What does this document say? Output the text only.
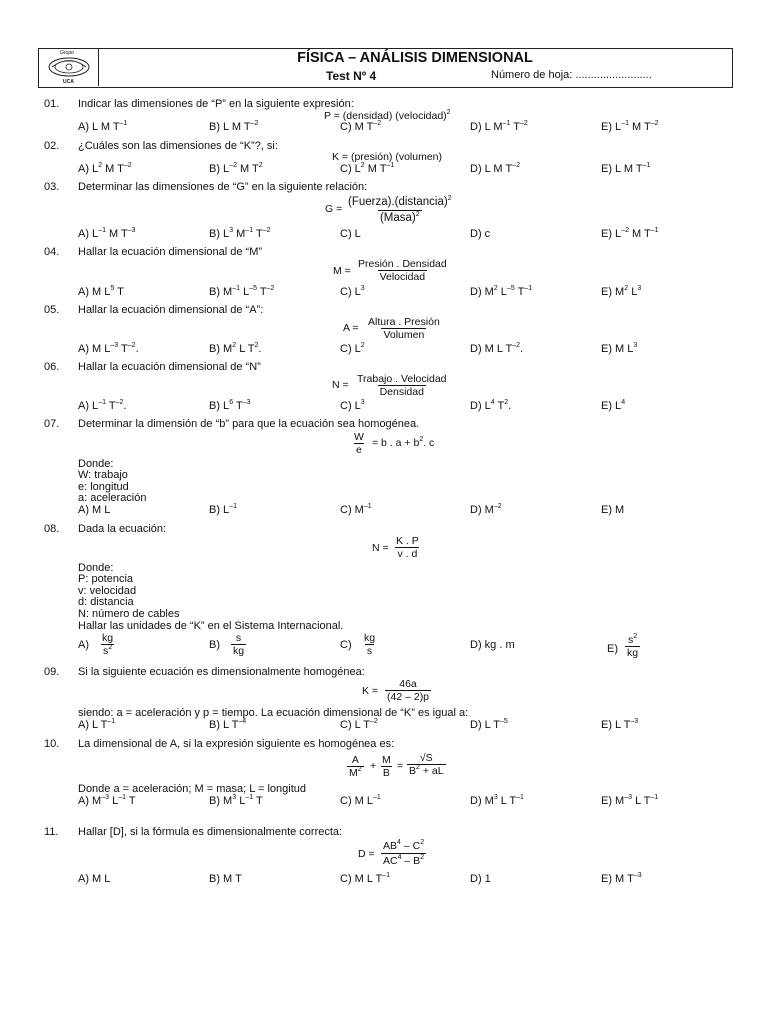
Grupo
UCA
FÍSICA – ANÁLISIS DIMENSIONAL
Test Nº 4	Número de hoja: .........................
01. Indicar las dimensiones de “P” en la siguiente expresión:
P = (densidad) (velocidad)$^2$
A) L M $T^{-1}$	B) L M $T^{-2}$	C) M $T^{-2}$	D) L $M^{-1}$ $T^{-2}$	E) $L^{-1}$ M $T^{-2}$
02. ¿Cuáles son las dimensiones de “K”?, si:
K = (presión) (volumen)
A) $L^2$ M $T^{-2}$	B) $L^{-2}$ M $T^2$	C) $L^2$ M $T^{-1}$	D) L M $T^{-2}$	E) L M $T^{-1}$
03. Determinar las dimensiones de “G” en la siguiente relación:
G =
(Fuerza).(distancia)$^2$
(Masa)$^2$
A) $L^{-1}$ M $T^{-3}$	B) $L^3$ $M^{-1}$ $T^{-2}$	C) L	D) c	E) $L^{-2}$ M $T^{-1}$
04. Hallar la ecuación dimensional de “M”
M =
Presión . Densidad
Velocidad
A) M $L^5$ T	B) $M^{-1}$ $L^{-5}$ $T^{-2}$	C) $L^3$	D) $M^2$ $L^{-5}$ $T^{-1}$	E) $M^2$ $L^3$
05. Hallar la ecuación dimensional de “A”:
A = Altura . Presión
Volumen
A) M $L^{-3}$ $T^{-2}$.	B) $M^2$ L $T^2$.	C) $L^2$	D) M L $T^{-2}$.	E) M $L^3$
06. Hallar la ecuación dimensional de “N”
N = Trabajo . Velocidad
Densidad
A) $L^{-1}$ $T^{-2}$.	B) $L^6$ $T^{-3}$	C) $L^3$	D) $L^4$ $T^2$.	E) $L^4$
07. Determinar la dimensión de “b” para que la ecuación sea homogénea.
$\frac{W}{e} = b$ . $a + b^2$. c
Donde:
W: trabajo
e: longitud
a: aceleración
A) M L	B) $L^{-1}$	C) $M^{-1}$	D) $M^{-2}$	E) M
08. Dada la ecuación:
$N = \frac{K . P}{v . d}$
Donde:
P: potencia
v: velocidad
d: distancia
N: número de cables
Hallar las unidades de “K” en el Sistema Internacional.
$A) \frac{kg}{s^2}$	$B) \frac{s}{kg}$	$C) \frac{kg}{s}$	D) kg . m	$E) \frac{s^2}{kg}$
09. Si la siguiente ecuación es dimensionalmente homogénea:
$K = \frac{46a}{(42 - 2)p}$
siendo: a = aceleración y p = tiempo. La ecuación dimensional de “K” es igual a:
A) L $T^{-1}$	B) L $T^{-4}$	C) L $T^{-2}$	D) L $T^{-5}$	E) L $T^{-3}$
10. La dimensional de A, si la expresión siguiente es homogénea es:
$\frac{A}{M^2} + \frac{M}{B} = \frac{√S}{B^2 + aL}$
Donde a = aceleración; M = masa; L = longitud
A) $M^{-3}$ $L^{-1}$ T	B) $M^3$ $L^{-1}$ T	C) M $L^{-1}$	D) $M^3$ L $T^{-1}$	E) $M^{-3}$ L $T^{-1}$
11. Hallar [D], si la fórmula es dimensionalmente correcta:
$D = \frac{AB^4 - C^2}{AC^4 - B^2}$
A) M L	B) M T	C) M L $T^{-1}$	D) 1	E) M $T^{-3}$
